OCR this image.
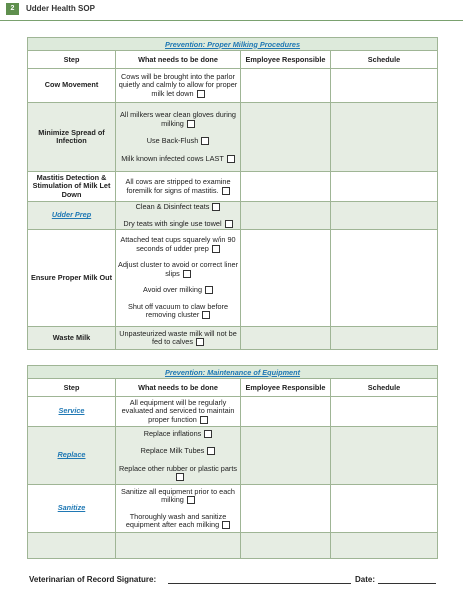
2	Udder Health SOP
Prevention: Proper Milking Procedures			
Step	What needs to be done	Employee Responsible	Schedule
Cow Movement	Cows will be brought into the parlor quietly and calmly to allow for proper milk let down		

Minimize Spread of Infection	All milkers wear clean gloves during milking
Use Back-Flush
Milk known infected cows LAST		

Mastitis Detection & Stimulation of Milk Let Down	All cows are stripped to examine foremilk for signs of mastitis.		

Udder Prep	Clean & Disinfect teats
Dry teats with single use towel		

Ensure Proper Milk Out	Attached teat cups squarely w/in 90 seconds of udder prep
Adjust cluster to avoid or correct liner slips
Avoid over milking
Shut off vacuum to claw before removing cluster		

Waste Milk	Unpasteurized waste milk will not be fed to calves		

Prevention: Maintenance of Equipment			
Step	What needs to be done	Employee Responsible	Schedule
Service	All equipment will be regularly evaluated and serviced to maintain proper function		

Replace	Replace inflations
Replace Milk Tubes
Replace other rubber or plastic parts		

Sanitize	Sanitize all equipment prior to each milking
Thoroughly wash and sanitize equipment after each milking		

Veterinarian of Record Signature:	Date:
